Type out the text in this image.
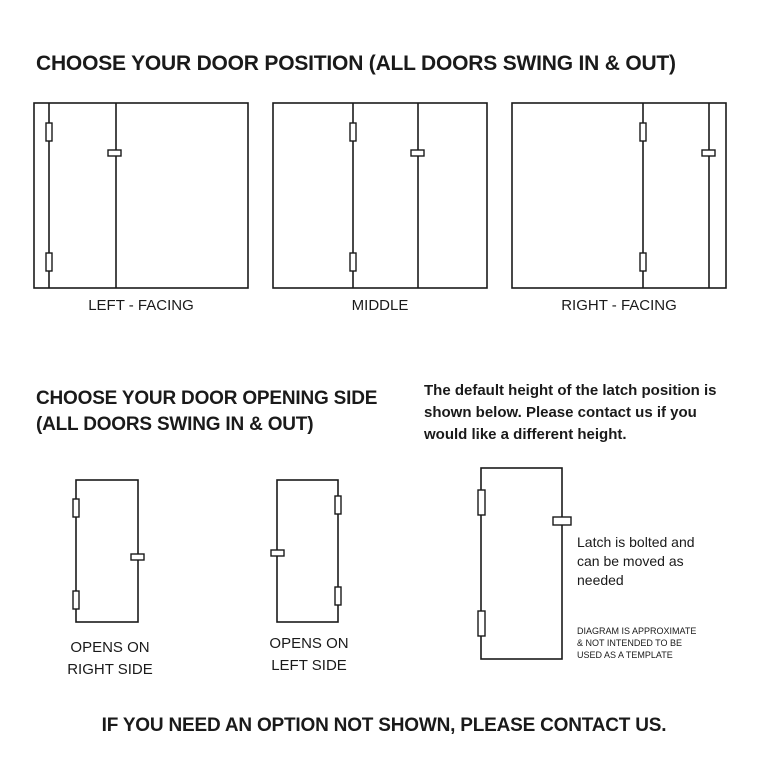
CHOOSE YOUR DOOR POSITION (ALL DOORS SWING IN & OUT)
LEFT - FACING	MIDDLE	RIGHT - FACING
CHOOSE YOUR DOOR OPENING SIDE
(ALL DOORS SWING IN & OUT)
The default height of the latch position is shown below. Please contact us if you would like a different height.
OPENS ON
RIGHT SIDE
OPENS ON
LEFT SIDE
Latch is bolted and can be moved as needed
DIAGRAM IS APPROXIMATE
& NOT INTENDED TO BE
USED AS A TEMPLATE
IF YOU NEED AN OPTION NOT SHOWN, PLEASE CONTACT US.
